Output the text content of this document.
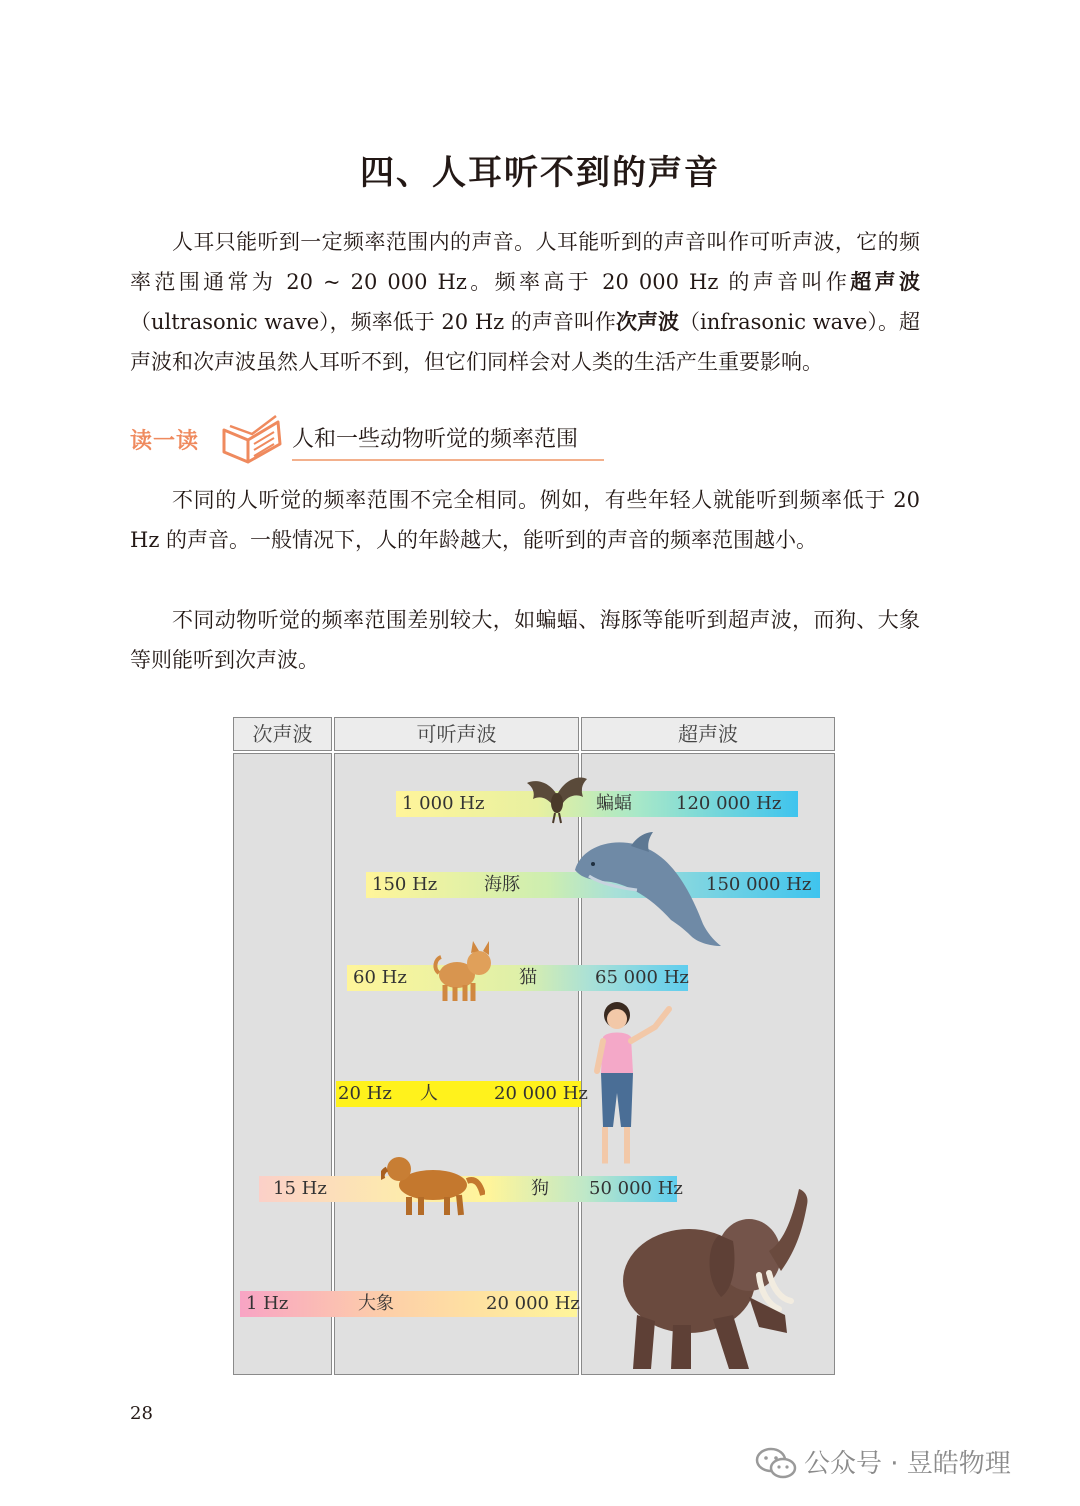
四、人耳听不到的声音

人耳只能听到一定频率范围内的声音。人耳能听到的声音叫作可听声波，它的频率范围通常为 20 ~ 20 000 Hz。频率高于 20 000 Hz 的声音叫作超声波（ultrasonic wave），频率低于 20 Hz 的声音叫作次声波（infrasonic wave）。超声波和次声波虽然人耳听不到，但它们同样会对人类的生活产生重要影响。

读一读	人和一些动物听觉的频率范围

不同的人听觉的频率范围不完全相同。例如，有些年轻人就能听到频率低于 20 Hz 的声音。一般情况下，人的年龄越大，能听到的声音的频率范围越小。

不同动物听觉的频率范围差别较大，如蝙蝠、海豚等能听到超声波，而狗、大象等则能听到次声波。

次声波	可听声波	超声波
1 000 Hz	蝙蝠 120 000 Hz
150 Hz	海豚	150 000 Hz
60 Hz	猫	65 000 Hz
20 Hz 人	20 000 Hz
15 Hz	狗 50 000 Hz
1 Hz	大象	20 000 Hz
28
公众号 · 昱皓物理
